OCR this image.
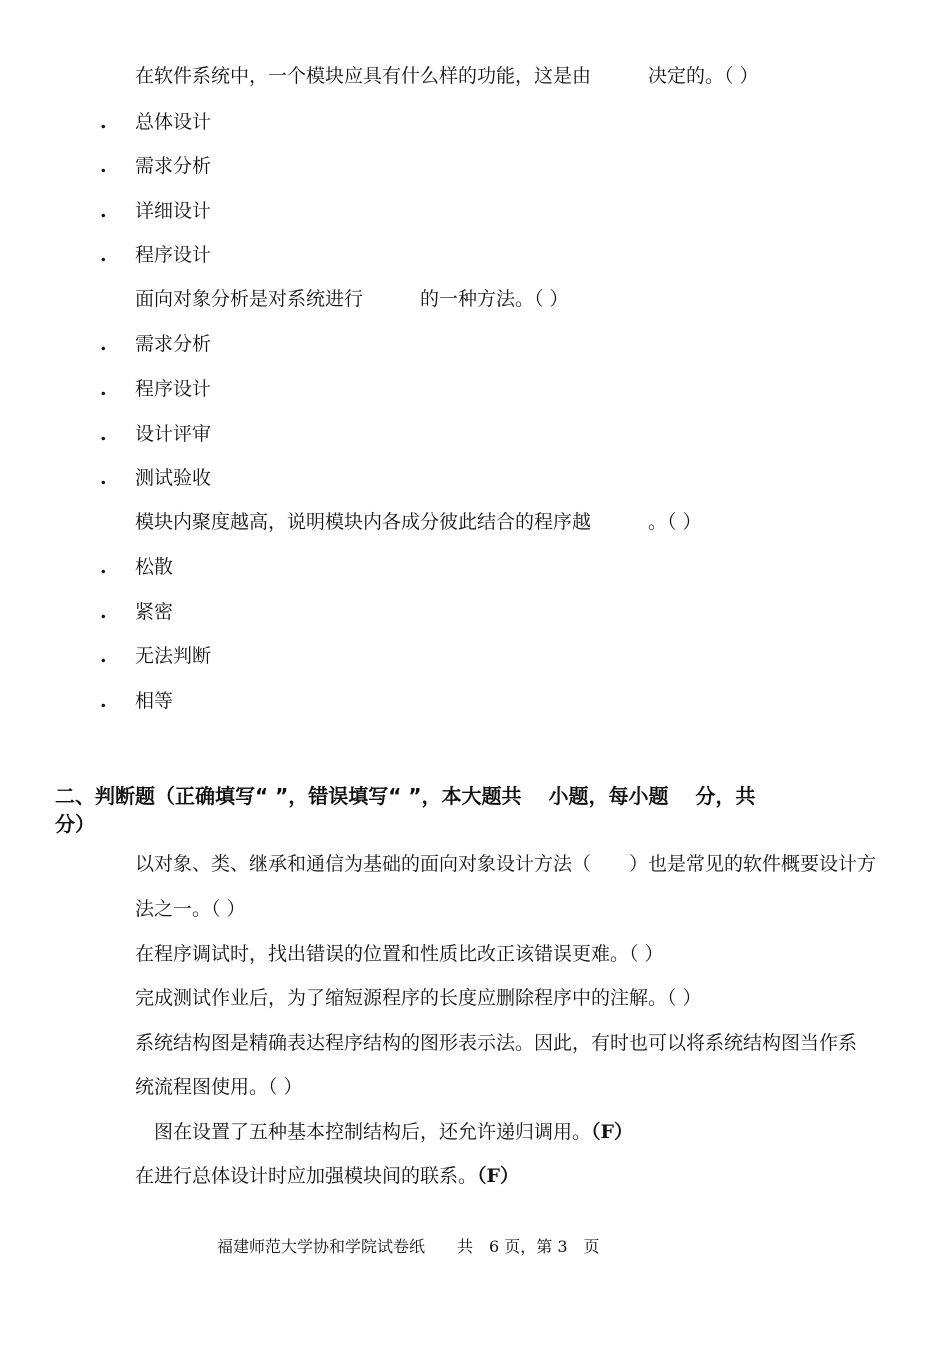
在软件系统中，一个模块应具有什么样的功能，这是由　　　决定的。（ ）
. 总体设计
. 需求分析
. 详细设计
. 程序设计
面向对象分析是对系统进行　　　的一种方法。（ ）
. 需求分析
. 程序设计
. 设计评审
. 测试验收
模块内聚度越高，说明模块内各成分彼此结合的程序越　　　。（ ）
. 松散
. 紧密
. 无法判断
. 相等
二、判断题（正确填写“ ”，错误填写“ ”，本大题共　 小题，每小题　 分，共
分）
以对象、类、继承和通信为基础的面向对象设计方法（　　）也是常见的软件概要设计方
法之一。（ ）
在程序调试时，找出错误的位置和性质比改正该错误更难。（ ）
完成测试作业后，为了缩短源程序的长度应删除程序中的注解。（ ）
系统结构图是精确表达程序结构的图形表示法。因此，有时也可以将系统结构图当作系
统流程图使用。（ ）
　图在设置了五种基本控制结构后，还允许递归调用。（F）
在进行总体设计时应加强模块间的联系。（F）
福建师范大学协和学院试卷纸　　共　6 页，第 3　页
